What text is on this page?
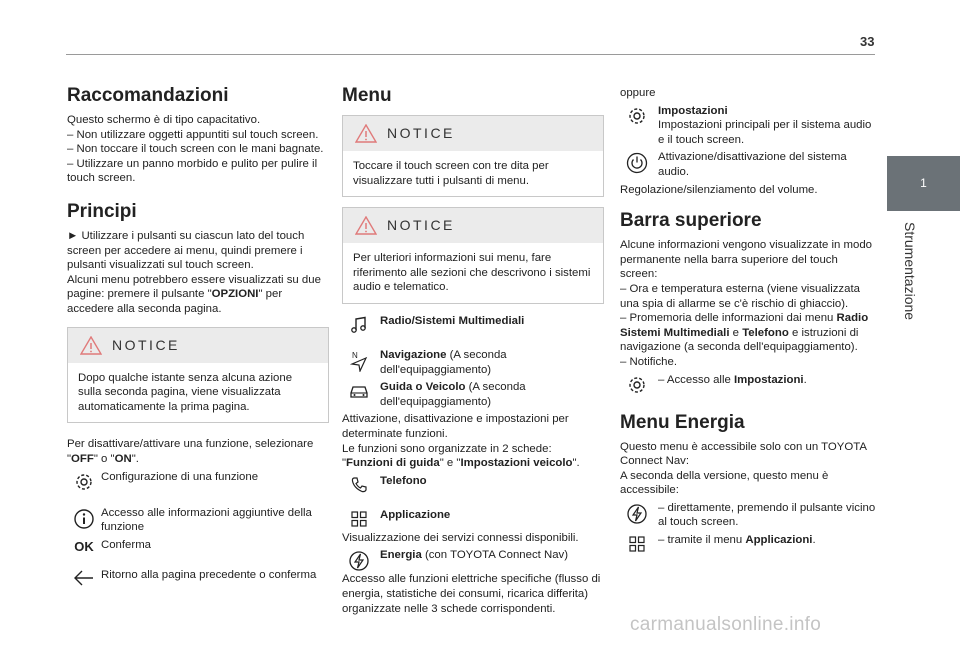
33
1
Strumentazione
Raccomandazioni

Questo schermo è di tipo capacitativo.

– Non utilizzare oggetti appuntiti sul touch screen.

– Non toccare il touch screen con le mani bagnate.

– Utilizzare un panno morbido e pulito per pulire il touch screen.

Principi

► Utilizzare i pulsanti su ciascun lato del touch screen per accedere ai menu, quindi premere i pulsanti visualizzati sul touch screen.

Alcuni menu potrebbero essere visualizzati su due pagine: premere il pulsante "OPZIONI" per accedere alla seconda pagina.

NOTICE
Dopo qualche istante senza alcuna azione sulla seconda pagina, viene visualizzata automaticamente la prima pagina.

Per disattivare/attivare una funzione, selezionare "OFF" o "ON".

Configurazione di una funzione
Accesso alle informazioni aggiuntive della funzione
OK Conferma
Ritorno alla pagina precedente o conferma
Menu
NOTICE
Toccare il touch screen con tre dita per visualizzare tutti i pulsanti di menu.
NOTICE
Per ulteriori informazioni sui menu, fare riferimento alle sezioni che descrivono i sistemi audio e telematico.
Radio/Sistemi Multimediali
N	Navigazione (A seconda dell'equipaggiamento)
Guida o Veicolo (A seconda dell'equipaggiamento)

Attivazione, disattivazione e impostazioni per determinate funzioni.

Le funzioni sono organizzate in 2 schede: "Funzioni di guida" e "Impostazioni veicolo".

Telefono
Applicazione

Visualizzazione dei servizi connessi disponibili.

Energia (con TOYOTA Connect Nav)

Accesso alle funzioni elettriche specifiche (flusso di energia, statistiche dei consumi, ricarica differita) organizzate nelle 3 schede corrispondenti.

oppure

Impostazioni
Impostazioni principali per il sistema audio e il touch screen.
Attivazione/disattivazione del sistema audio.

Regolazione/silenziamento del volume.

Barra superiore

Alcune informazioni vengono visualizzate in modo permanente nella barra superiore del touch screen:

– Ora e temperatura esterna (viene visualizzata una spia di allarme se c'è rischio di ghiaccio).

– Promemoria delle informazioni dai menu Radio Sistemi Multimediali e Telefono e istruzioni di navigazione (a seconda dell'equipaggiamento).

– Notifiche.

– Accesso alle Impostazioni.
Menu Energia

Questo menu è accessibile solo con un TOYOTA Connect Nav:

A seconda della versione, questo menu è accessibile:

– direttamente, premendo il pulsante vicino al touch screen.
– tramite il menu Applicazioni.
carmanualsonline.info
